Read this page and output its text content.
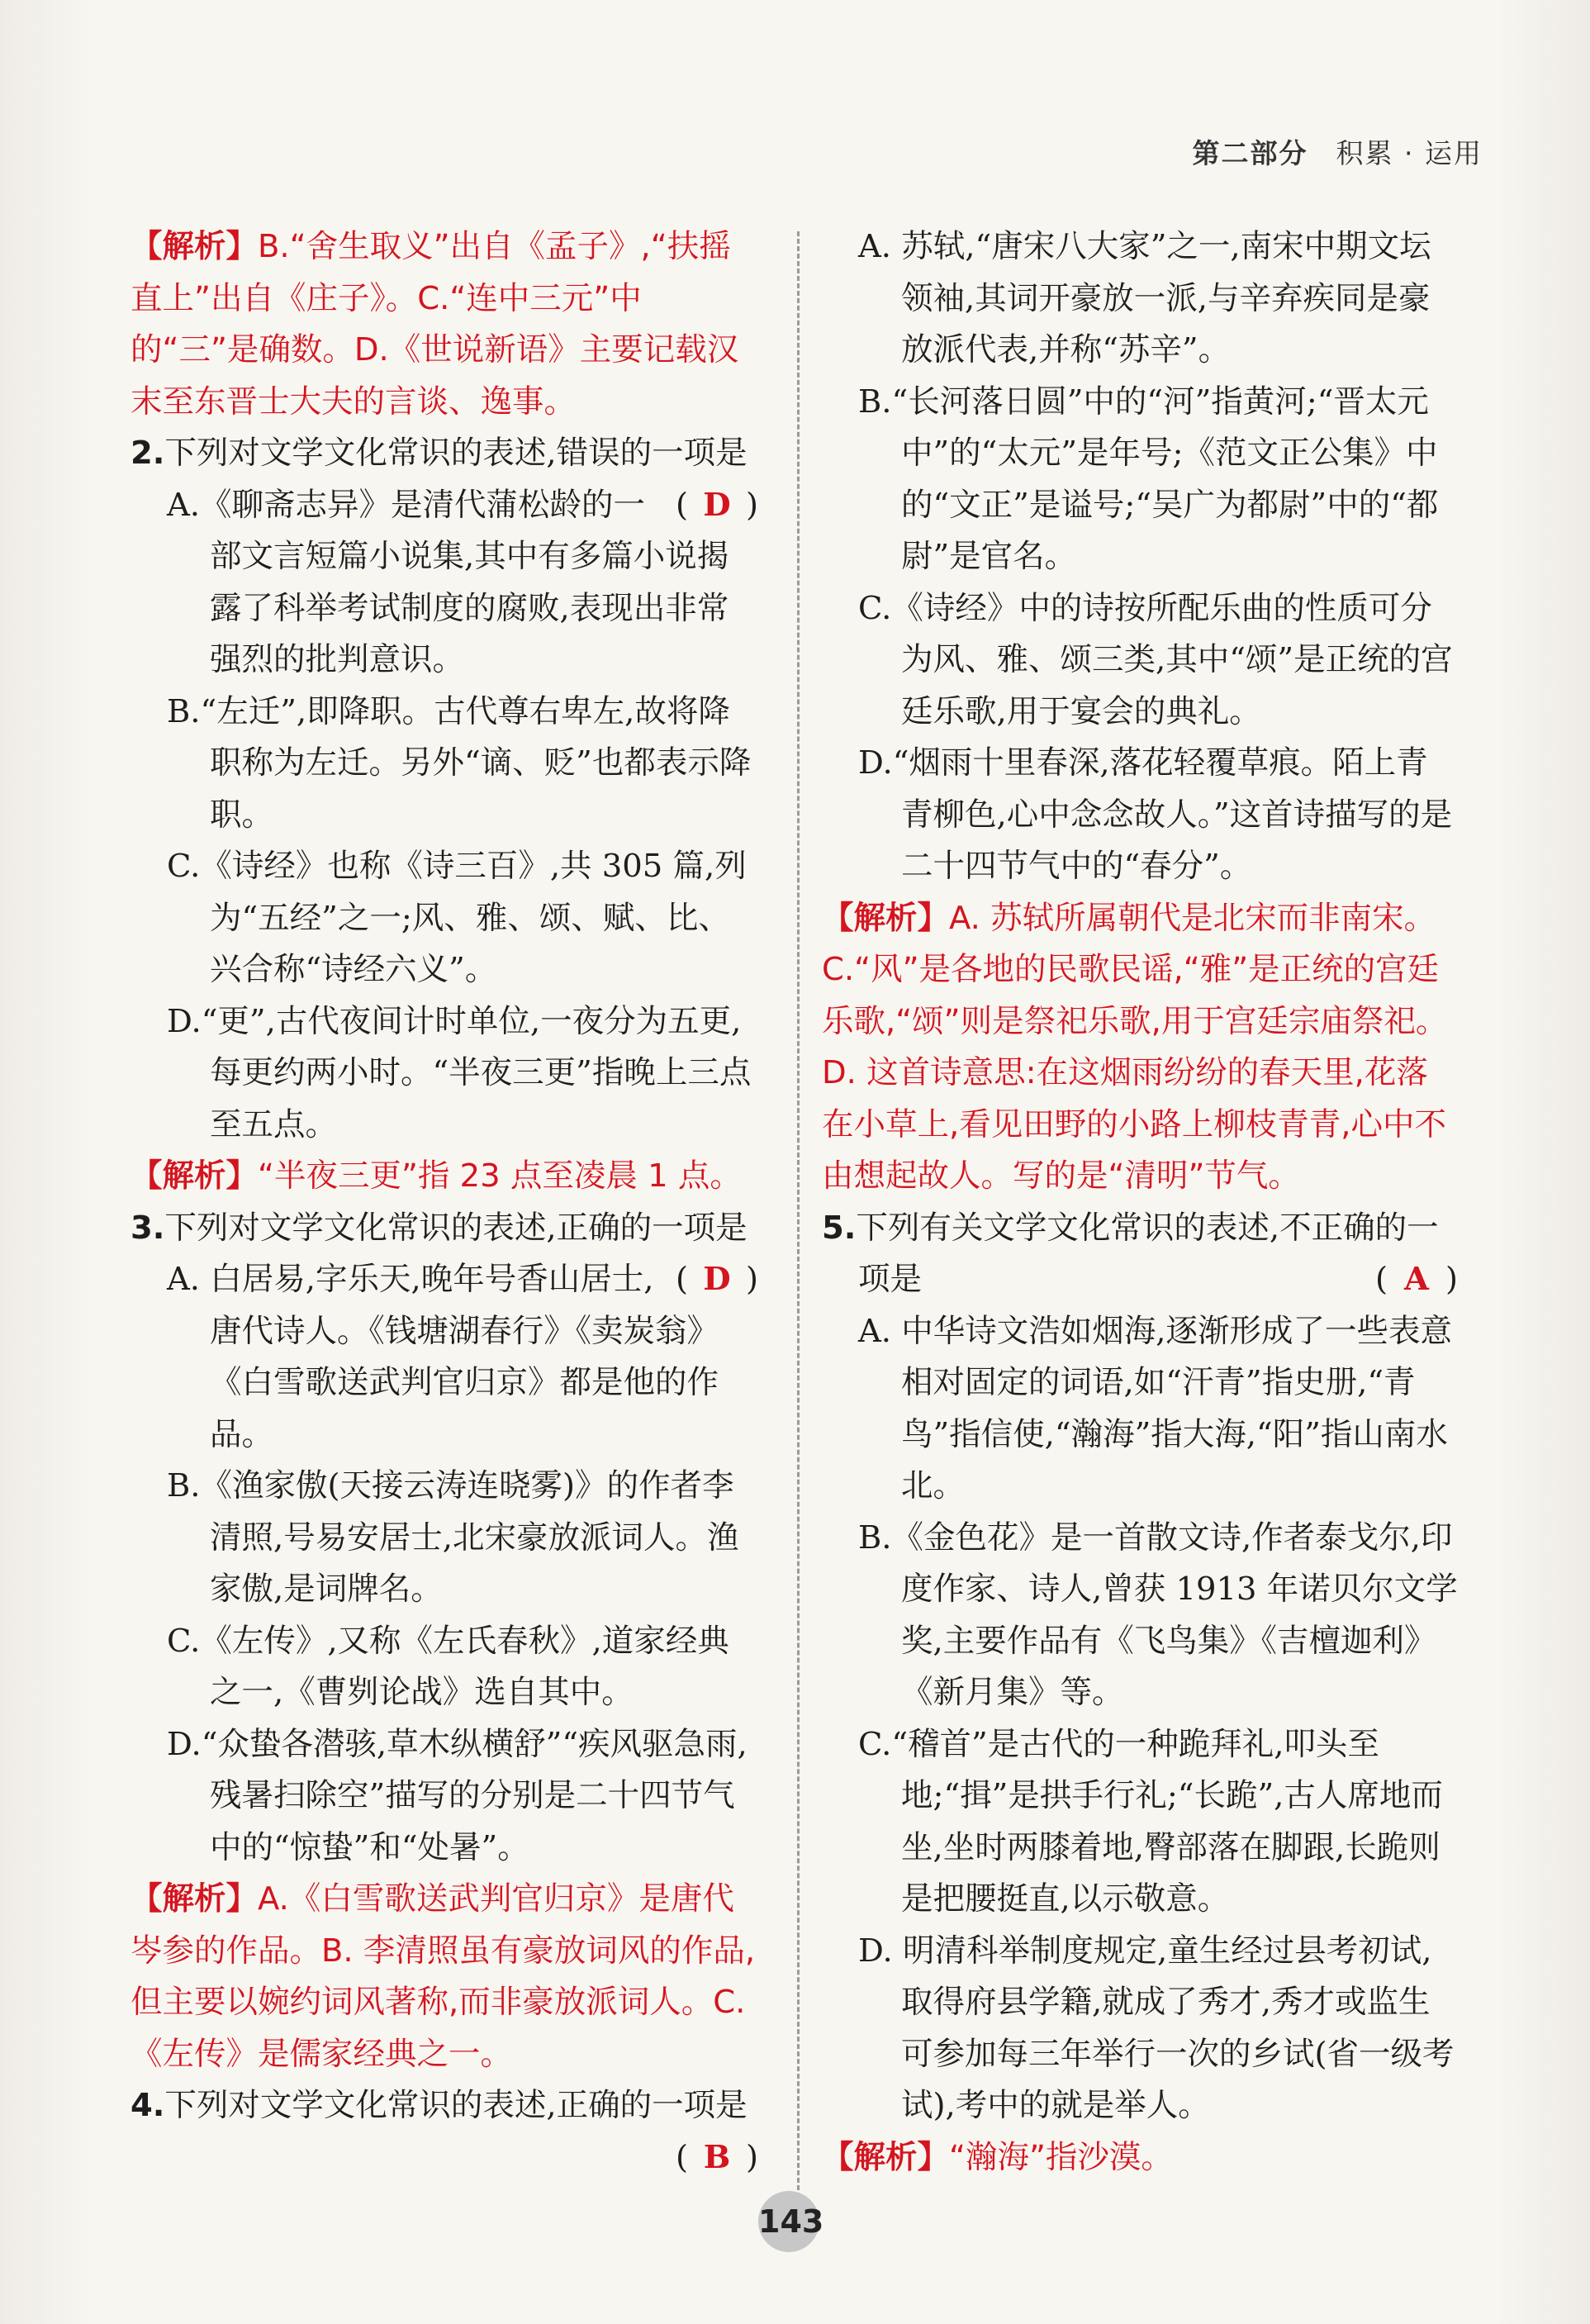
第二部分 积累 · 运用

【解析】B.“舍生取义”出自《孟子》,“扶摇直上”出自《庄子》。C.“连中三元”中的“三”是确数。D.《世说新语》主要记载汉末至东晋士大夫的言谈、逸事。

2.下列对文学文化常识的表述,错误的一项是
( D )

A.《聊斋志异》是清代蒲松龄的一部文言短篇小说集,其中有多篇小说揭露了科举考试制度的腐败,表现出非常强烈的批判意识。

B.“左迁”,即降职。古代尊右卑左,故将降职称为左迁。另外“谪、贬”也都表示降职。

C.《诗经》也称《诗三百》,共 305 篇,列为“五经”之一;风、雅、颂、赋、比、兴合称“诗经六义”。

D.“更”,古代夜间计时单位,一夜分为五更,每更约两小时。“半夜三更”指晚上三点至五点。

【解析】“半夜三更”指 23 点至凌晨 1 点。

3.下列对文学文化常识的表述,正确的一项是
( D )

A. 白居易,字乐天,晚年号香山居士,唐代诗人。《钱塘湖春行》《卖炭翁》《白雪歌送武判官归京》都是他的作品。

B.《渔家傲(天接云涛连晓雾)》的作者李清照,号易安居士,北宋豪放派词人。渔家傲,是词牌名。

C.《左传》,又称《左氏春秋》,道家经典之一,《曹刿论战》选自其中。

D.“众蛰各潜骇,草木纵横舒”“疾风驱急雨,残暑扫除空”描写的分别是二十四节气中的“惊蛰”和“处暑”。

【解析】A.《白雪歌送武判官归京》是唐代岑参的作品。B. 李清照虽有豪放词风的作品,但主要以婉约词风著称,而非豪放派词人。C.《左传》是儒家经典之一。

4.下列对文学文化常识的表述,正确的一项是
( B )

A. 苏轼,“唐宋八大家”之一,南宋中期文坛领袖,其词开豪放一派,与辛弃疾同是豪放派代表,并称“苏辛”。

B.“长河落日圆”中的“河”指黄河;“晋太元中”的“太元”是年号;《范文正公集》中的“文正”是谥号;“吴广为都尉”中的“都尉”是官名。

C.《诗经》中的诗按所配乐曲的性质可分为风、雅、颂三类,其中“颂”是正统的宫廷乐歌,用于宴会的典礼。

D.“烟雨十里春深,落花轻覆草痕。陌上青青柳色,心中念念故人。”这首诗描写的是二十四节气中的“春分”。

【解析】A. 苏轼所属朝代是北宋而非南宋。C.“风”是各地的民歌民谣,“雅”是正统的宫廷乐歌,“颂”则是祭祀乐歌,用于宫廷宗庙祭祀。D. 这首诗意思:在这烟雨纷纷的春天里,花落在小草上,看见田野的小路上柳枝青青,心中不由想起故人。写的是“清明”节气。

5.下列有关文学文化常识的表述,不正确的一项是	( A )

A. 中华诗文浩如烟海,逐渐形成了一些表意相对固定的词语,如“汗青”指史册,“青鸟”指信使,“瀚海”指大海,“阳”指山南水北。

B.《金色花》是一首散文诗,作者泰戈尔,印度作家、诗人,曾获 1913 年诺贝尔文学奖,主要作品有《飞鸟集》《吉檀迦利》《新月集》等。

C.“稽首”是古代的一种跪拜礼,叩头至地;“揖”是拱手行礼;“长跪”,古人席地而坐,坐时两膝着地,臀部落在脚跟,长跪则是把腰挺直,以示敬意。

D. 明清科举制度规定,童生经过县考初试,取得府县学籍,就成了秀才,秀才或监生可参加每三年举行一次的乡试(省一级考试),考中的就是举人。

【解析】“瀚海”指沙漠。

143
